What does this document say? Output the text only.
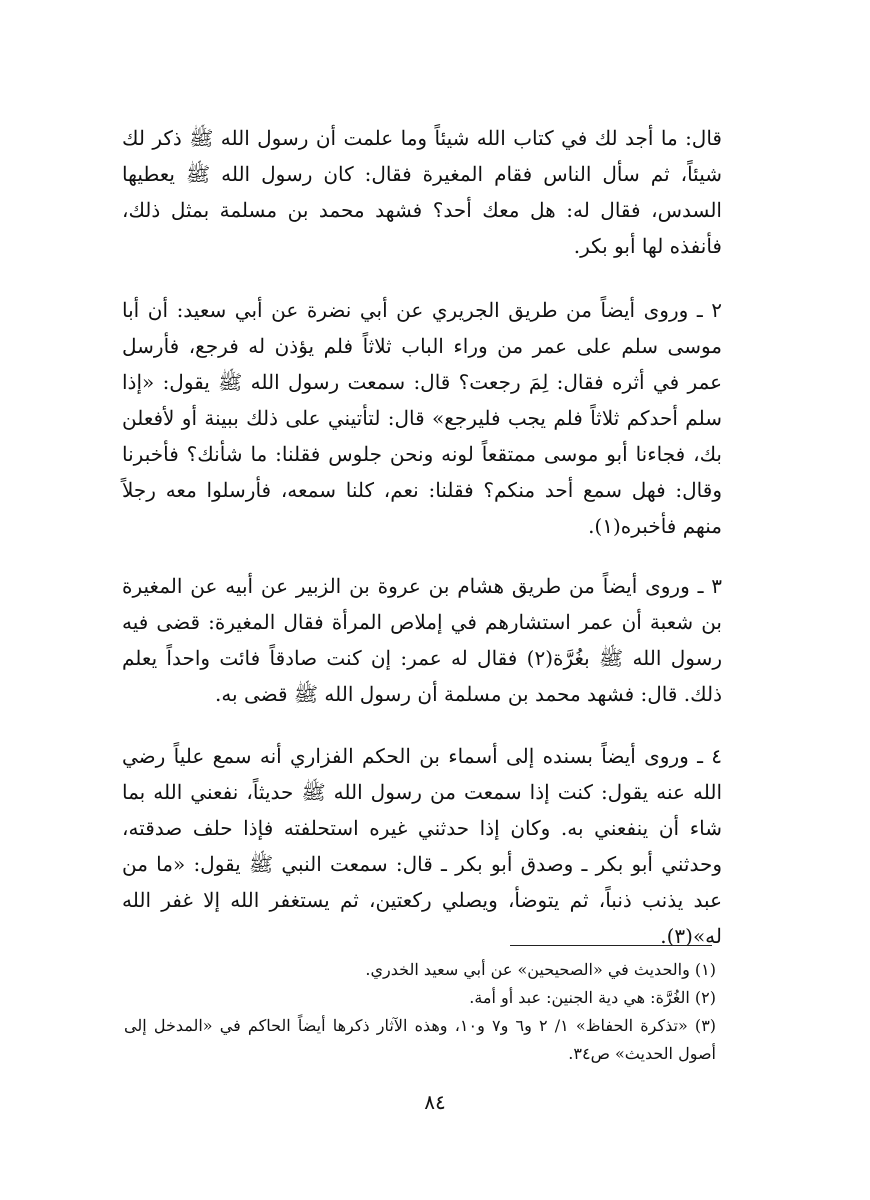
قال: ما أجد لك في كتاب الله شيئاً وما علمت أن رسول الله ﷺ ذكر لك شيئاً، ثم سأل الناس فقام المغيرة فقال: كان رسول الله ﷺ يعطيها السدس، فقال له: هل معك أحد؟ فشهد محمد بن مسلمة بمثل ذلك، فأنفذه لها أبو بكر.

٢ ـ وروى أيضاً من طريق الجريري عن أبي نضرة عن أبي سعيد: أن أبا موسى سلم على عمر من وراء الباب ثلاثاً فلم يؤذن له فرجع، فأرسل عمر في أثره فقال: لِمَ رجعت؟ قال: سمعت رسول الله ﷺ يقول: «إذا سلم أحدكم ثلاثاً فلم يجب فليرجع» قال: لتأتيني على ذلك ببينة أو لأفعلن بك، فجاءنا أبو موسى ممتقعاً لونه ونحن جلوس فقلنا: ما شأنك؟ فأخبرنا وقال: فهل سمع أحد منكم؟ فقلنا: نعم، كلنا سمعه، فأرسلوا معه رجلاً منهم فأخبره(١).

٣ ـ وروى أيضاً من طريق هشام بن عروة بن الزبير عن أبيه عن المغيرة بن شعبة أن عمر استشارهم في إملاص المرأة فقال المغيرة: قضى فيه رسول الله ﷺ بغُرَّة(٢) فقال له عمر: إن كنت صادقاً فائت واحداً يعلم ذلك. قال: فشهد محمد بن مسلمة أن رسول الله ﷺ قضى به.

٤ ـ وروى أيضاً بسنده إلى أسماء بن الحكم الفزاري أنه سمع علياً رضي الله عنه يقول: كنت إذا سمعت من رسول الله ﷺ حديثاً، نفعني الله بما شاء أن ينفعني به. وكان إذا حدثني غيره استحلفته فإذا حلف صدقته، وحدثني أبو بكر ـ وصدق أبو بكر ـ قال: سمعت النبي ﷺ يقول: «ما من عبد يذنب ذنباً، ثم يتوضأ، ويصلي ركعتين، ثم يستغفر الله إلا غفر الله له»(٣).

(١) والحديث في «الصحيحين» عن أبي سعيد الخدري.

(٢) الغُرَّة: هي دية الجنين: عبد أو أمة.

(٣) «تذكرة الحفاظ» ١/ ٢ و٦ و٧ و١٠، وهذه الآثار ذكرها أيضاً الحاكم في «المدخل إلى أصول الحديث» ص٣٤.

٨٤
